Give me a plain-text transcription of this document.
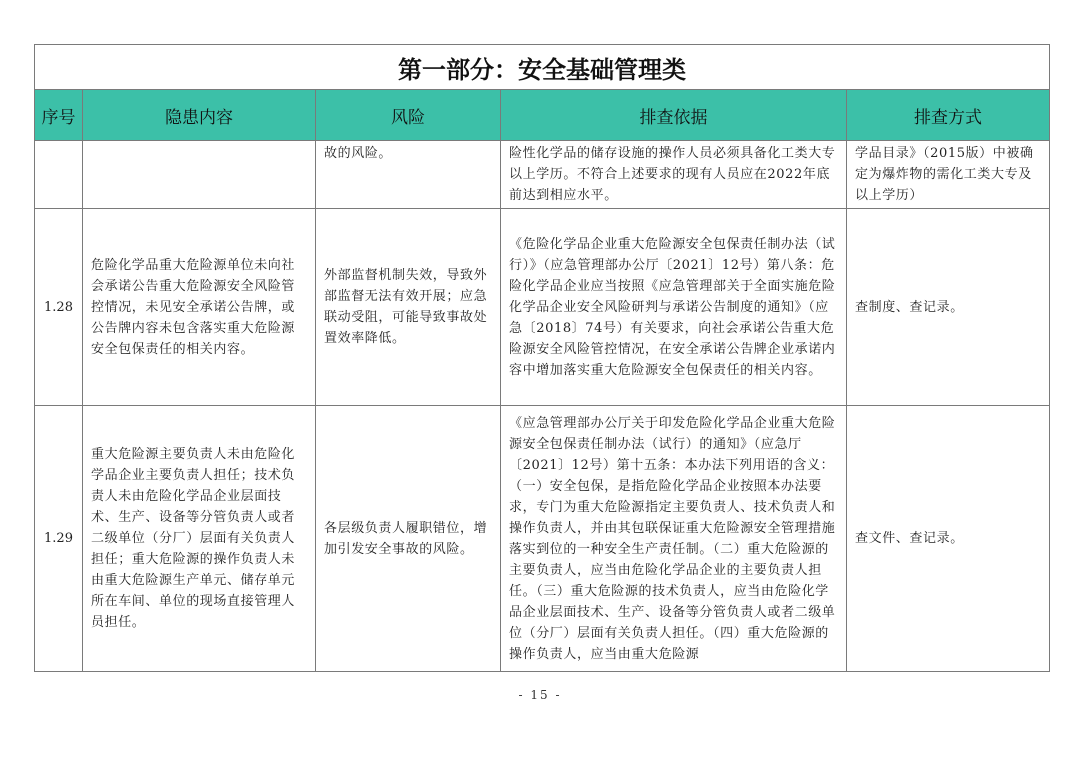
第一部分：安全基础管理类				
序号	隐患内容	风险	排查依据	排查方式

		故的风险。	险性化学品的储存设施的操作人员必须具备化工类大专以上学历。不符合上述要求的现有人员应在2022年底前达到相应水平。	学品目录》（2015版）中被确定为爆炸物的需化工类大专及以上学历）

1.28	危险化学品重大危险源单位未向社会承诺公告重大危险源安全风险管控情况，未见安全承诺公告牌，或公告牌内容未包含落实重大危险源安全包保责任的相关内容。	外部监督机制失效，导致外部监督无法有效开展；应急联动受阻，可能导致事故处置效率降低。	《危险化学品企业重大危险源安全包保责任制办法（试行）》（应急管理部办公厅〔2021〕12号）第八条：危险化学品企业应当按照《应急管理部关于全面实施危险化学品企业安全风险研判与承诺公告制度的通知》（应急〔2018〕74号）有关要求，向社会承诺公告重大危险源安全风险管控情况，在安全承诺公告牌企业承诺内容中增加落实重大危险源安全包保责任的相关内容。	查制度、查记录。

1.29	重大危险源主要负责人未由危险化学品企业主要负责人担任；技术负责人未由危险化学品企业层面技术、生产、设备等分管负责人或者二级单位（分厂）层面有关负责人担任；重大危险源的操作负责人未由重大危险源生产单元、储存单元所在车间、单位的现场直接管理人员担任。	各层级负责人履职错位，增加引发安全事故的风险。	《应急管理部办公厅关于印发危险化学品企业重大危险源安全包保责任制办法（试行）的通知》（应急厅〔2021〕12号）第十五条：本办法下列用语的含义：（一）安全包保，是指危险化学品企业按照本办法要求，专门为重大危险源指定主要负责人、技术负责人和操作负责人，并由其包联保证重大危险源安全管理措施落实到位的一种安全生产责任制。（二）重大危险源的主要负责人，应当由危险化学品企业的主要负责人担任。（三）重大危险源的技术负责人，应当由危险化学品企业层面技术、生产、设备等分管负责人或者二级单位（分厂）层面有关负责人担任。（四）重大危险源的操作负责人，应当由重大危险源	查文件、查记录。
- 15 -
